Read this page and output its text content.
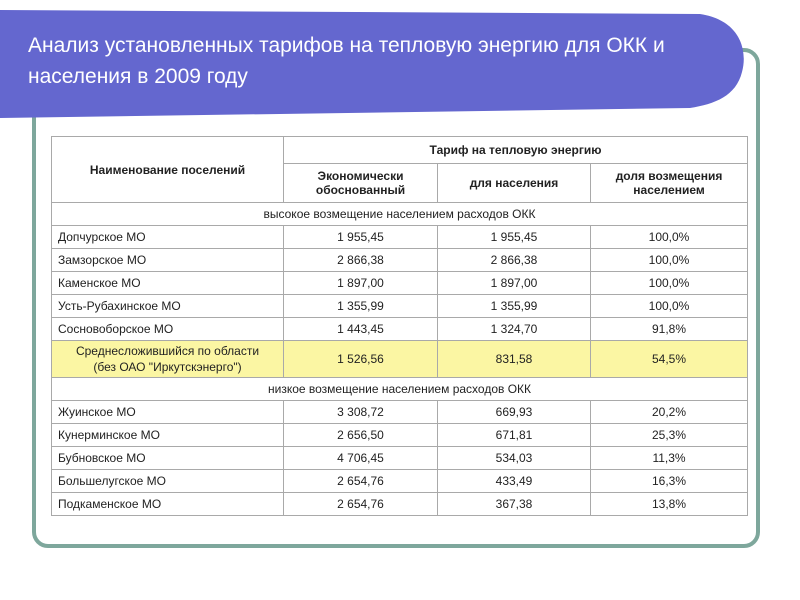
Анализ установленных тарифов на тепловую энергию для ОКК и населения в 2009 году
Наименование поселений	Тариф на тепловую энергию		
	Экономически обоснованный	для населения	доля возмещения населением
высокое возмещение населением расходов ОКК			
Допчурское МО	1 955,45	1 955,45	100,0%
Замзорское МО	2 866,38	2 866,38	100,0%
Каменское МО	1 897,00	1 897,00	100,0%
Усть-Рубахинское МО	1 355,99	1 355,99	100,0%
Сосновоборское МО	1 443,45	1 324,70	91,8%
Среднесложившийся по области
(без ОАО "Иркутскэнерго")	1 526,56	831,58	54,5%
низкое возмещение населением расходов ОКК			
Жуинское МО	3 308,72	669,93	20,2%
Кунерминское МО	2 656,50	671,81	25,3%
Бубновское МО	4 706,45	534,03	11,3%
Большелугское МО	2 654,76	433,49	16,3%
Подкаменское МО	2 654,76	367,38	13,8%
